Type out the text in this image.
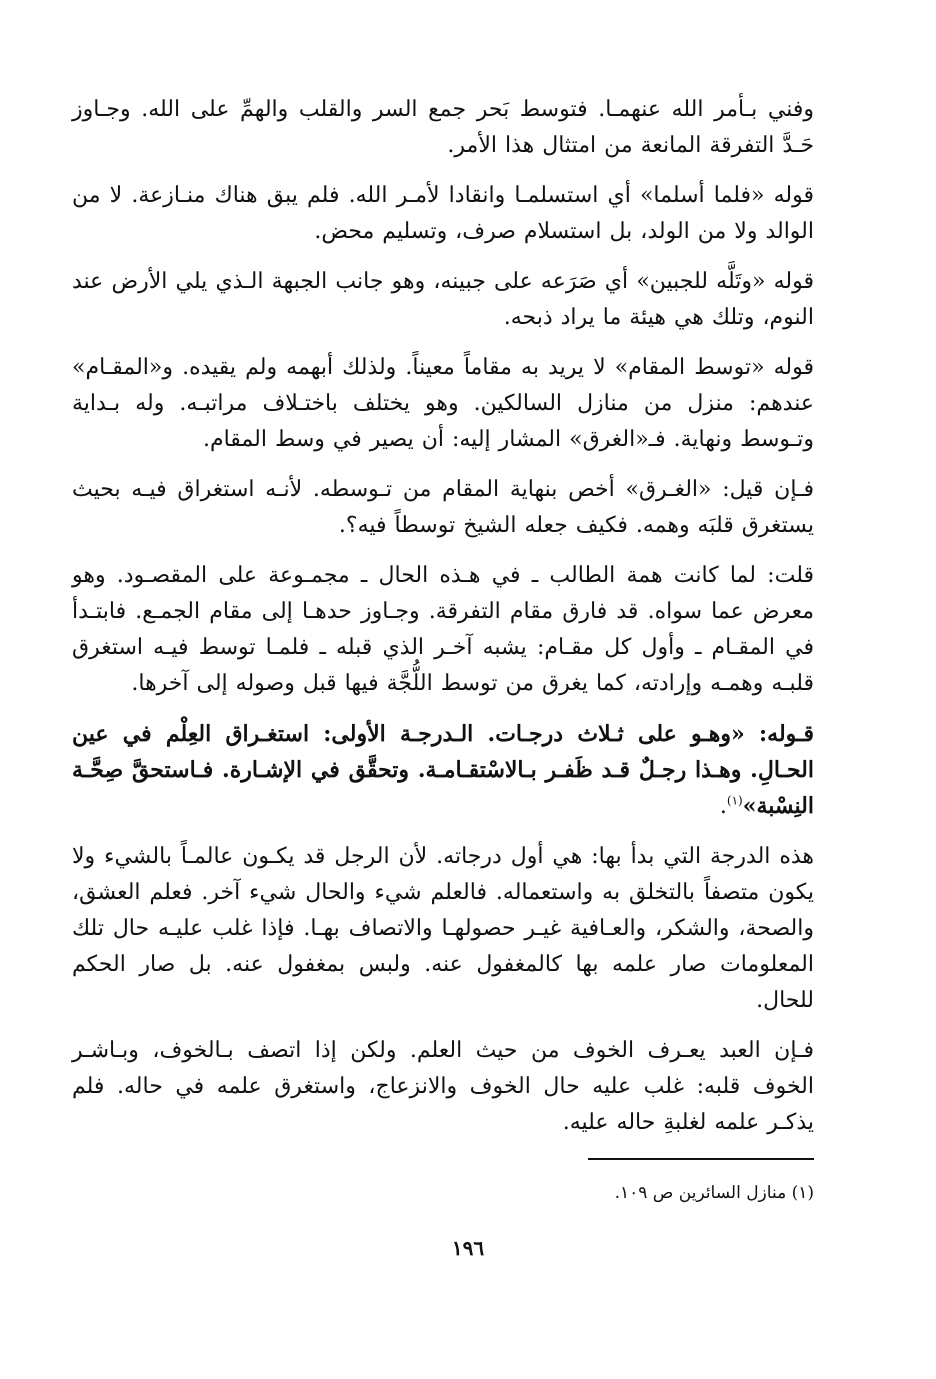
وفني بـأمر الله عنهمـا. فتوسط بَحر جمع السر والقلب والهمِّ على الله. وجـاوز حَـدَّ التفرقة المانعة من امتثال هذا الأمر.

قوله «فلما أسلما» أي استسلمـا وانقادا لأمـر الله. فلم يبق هناك منـازعة. لا من الوالد ولا من الولد، بل استسلام صرف، وتسليم محض.

قوله «وتَلَّه للجبين» أي صَرَعه على جبينه، وهو جانب الجبهة الـذي يلي الأرض عند النوم، وتلك هي هيئة ما يراد ذبحه.

قوله «توسط المقام» لا يريد به مقاماً معيناً. ولذلك أبهمه ولم يقيده. و«المقـام» عندهم: منزل من منازل السالكين. وهو يختلف باختـلاف مراتبـه. وله بـداية وتـوسط ونهاية. فـ«الغرق» المشار إليه: أن يصير في وسط المقام.

فـإن قيل: «الغـرق» أخص بنهاية المقام من تـوسطه. لأنـه استغراق فيـه بحيث يستغرق قلبَه وهمه. فكيف جعله الشيخ توسطاً فيه؟.

قلت: لما كانت همة الطالب ـ في هـذه الحال ـ مجمـوعة على المقصـود. وهو معرض عما سواه. قد فارق مقام التفرقة. وجـاوز حدهـا إلى مقام الجمـع. فابتـدأ في المقـام ـ وأول كل مقـام: يشبه آخـر الذي قبله ـ فلمـا توسط فيـه استغرق قلبـه وهمـه وإرادته، كما يغرق من توسط اللُّجَّة فيها قبل وصوله إلى آخرها.

قـوله: «وهـو على ثـلاث درجـات. الـدرجـة الأولى: استغـراق العِلْم في عين الحـالِ. وهـذا رجـلٌ قـد ظَفـر بـالاسْتقـامـة. وتحقَّق في الإشـارة. فـاستحقَّ صِحَّـة النِسْبة»$^{(١)}$.

هذه الدرجة التي بدأ بها: هي أول درجاته. لأن الرجل قد يكـون عالمـاً بالشيء ولا يكون متصفاً بالتخلق به واستعماله. فالعلم شيء والحال شيء آخر. فعلم العشق، والصحة، والشكر، والعـافية غيـر حصولهـا والاتصاف بهـا. فإذا غلب عليـه حال تلك المعلومات صار علمه بها كالمغفول عنه. ولبس بمغفول عنه. بل صار الحكم للحال.

فـإن العبد يعـرف الخوف من حيث العلم. ولكن إذا اتصف بـالخوف، وبـاشـر الخوف قلبه: غلب عليه حال الخوف والانزعاج، واستغرق علمه في حاله. فلم يذكـر علمه لغلبةِ حاله عليه.

(١) منازل السائرين ص ١٠٩.
١٩٦
